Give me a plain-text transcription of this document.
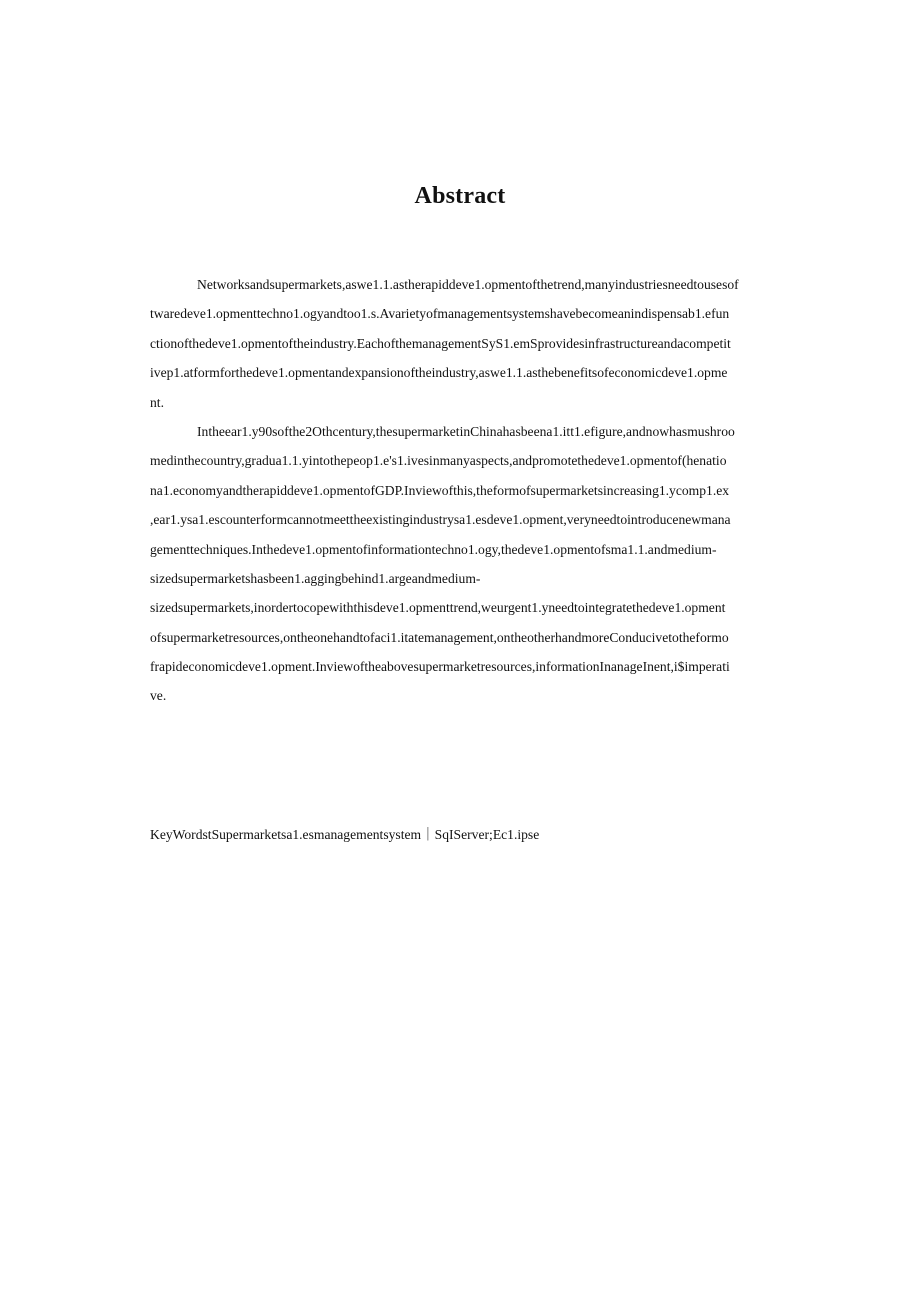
Abstract
Networksandsupermarkets,aswe1.1.astherapiddeve1.opmentofthetrend,manyindustriesneedtousesof
twaredeve1.opmenttechno1.ogyandtoo1.s.Avarietyofmanagementsystemshavebecomeanindispensab1.efun
ctionofthedeve1.opmentoftheindustry.EachofthemanagementSyS1.emSprovidesinfrastructureandacompetit
ivep1.atformforthedeve1.opmentandexpansionoftheindustry,aswe1.1.asthebenefitsofeconomicdeve1.opme
nt.
Intheear1.y90softhe2Othcentury,thesupermarketinChinahasbeena1.itt1.efigure,andnowhasmushroo
medinthecountry,gradua1.1.yintothepeop1.e's1.ivesinmanyaspects,andpromotethedeve1.opmentof(henatio
na1.economyandtherapiddeve1.opmentofGDP.Inviewofthis,theformofsupermarketsincreasing1.ycomp1.ex
,ear1.ysa1.escounterformcannotmeettheexistingindustrysa1.esdeve1.opment,veryneedtointroducenewmana
gementtechniques.Inthedeve1.opmentofinformationtechno1.ogy,thedeve1.opmentofsma1.1.andmedium-
sizedsupermarketshasbeen1.aggingbehind1.argeandmedium-
sizedsupermarkets,inordertocopewiththisdeve1.opmenttrend,weurgent1.yneedtointegratethedeve1.opment
ofsupermarketresources,ontheonehandtofaci1.itatemanagement,ontheotherhandmoreConducivetotheformo
frapideconomicdeve1.opment.Inviewoftheabovesupermarketresources,informationInanageInent,i$imperati
ve.
KeyWordstSupermarketsa1.esmanagementsystem｜SqIServer;Ec1.ipse
